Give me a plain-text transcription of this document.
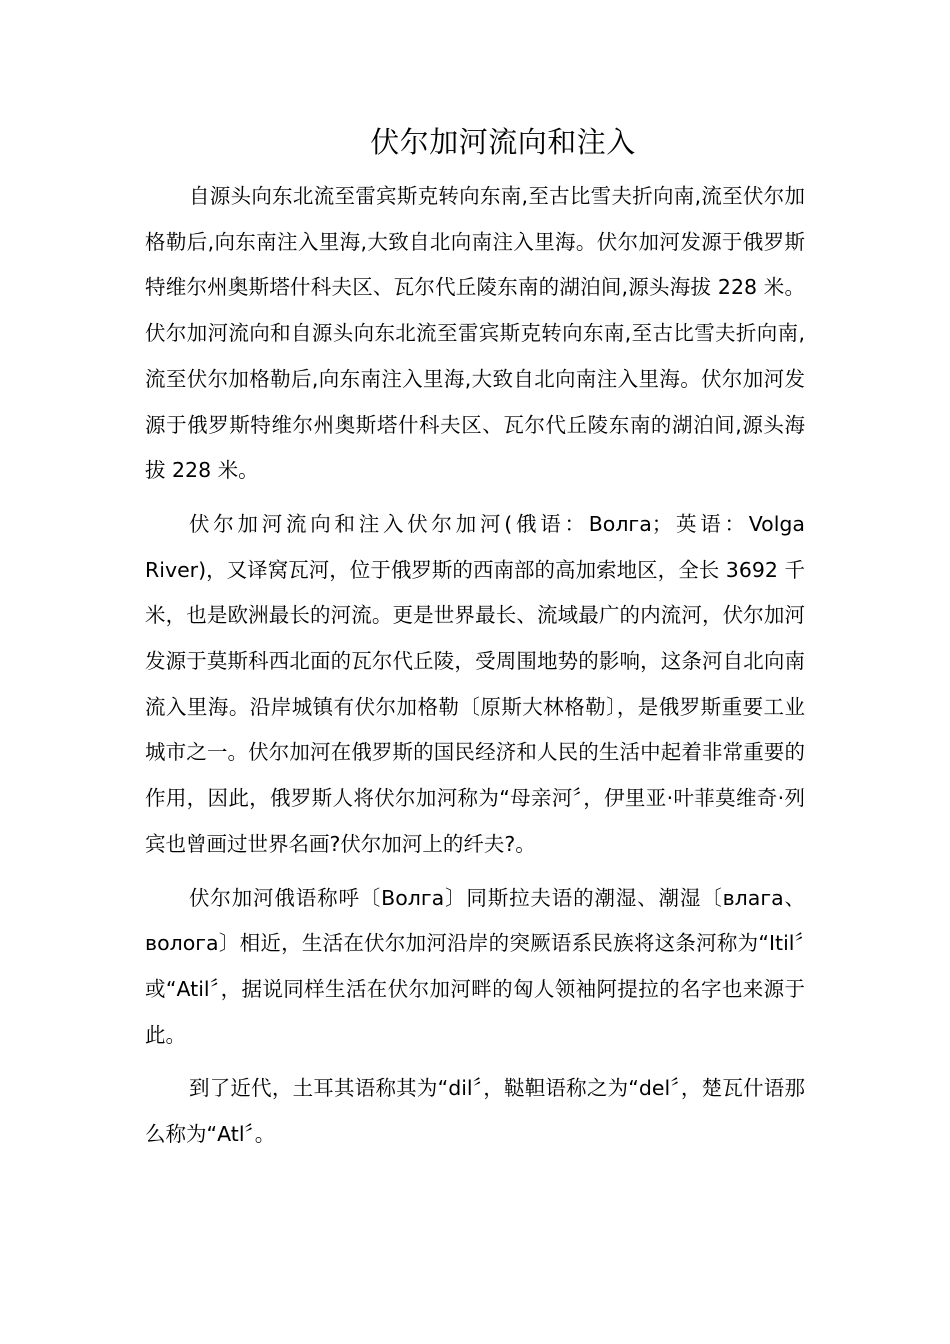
伏尔加河流向和注入

自源头向东北流至雷宾斯克转向东南,至古比雪夫折向南,流至伏尔加格勒后,向东南注入里海,大致自北向南注入里海。伏尔加河发源于俄罗斯特维尔州奥斯塔什科夫区、瓦尔代丘陵东南的湖泊间,源头海拔 228 米。伏尔加河流向和自源头向东北流至雷宾斯克转向东南,至古比雪夫折向南,流至伏尔加格勒后,向东南注入里海,大致自北向南注入里海。伏尔加河发源于俄罗斯特维尔州奥斯塔什科夫区、瓦尔代丘陵东南的湖泊间,源头海拔 228 米。

伏尔加河流向和注入伏尔加河(俄语：Волга；英语：Volga River)，又译窝瓦河，位于俄罗斯的西南部的高加索地区，全长 3692 千米，也是欧洲最长的河流。更是世界最长、流域最广的内流河，伏尔加河发源于莫斯科西北面的瓦尔代丘陵，受周围地势的影响，这条河自北向南流入里海。沿岸城镇有伏尔加格勒〔原斯大林格勒〕，是俄罗斯重要工业城市之一。伏尔加河在俄罗斯的国民经济和人民的生活中起着非常重要的作用，因此，俄罗斯人将伏尔加河称为“母亲河〞，伊里亚·叶菲莫维奇·列宾也曾画过世界名画?伏尔加河上的纤夫?。

伏尔加河俄语称呼〔Волга〕同斯拉夫语的潮湿、潮湿〔влага、вологa〕相近，生活在伏尔加河沿岸的突厥语系民族将这条河称为“Itil〞或“Atil〞，据说同样生活在伏尔加河畔的匈人领袖阿提拉的名字也来源于此。

到了近代，土耳其语称其为“dil〞，鞑靼语称之为“del〞，楚瓦什语那么称为“Atl〞。
